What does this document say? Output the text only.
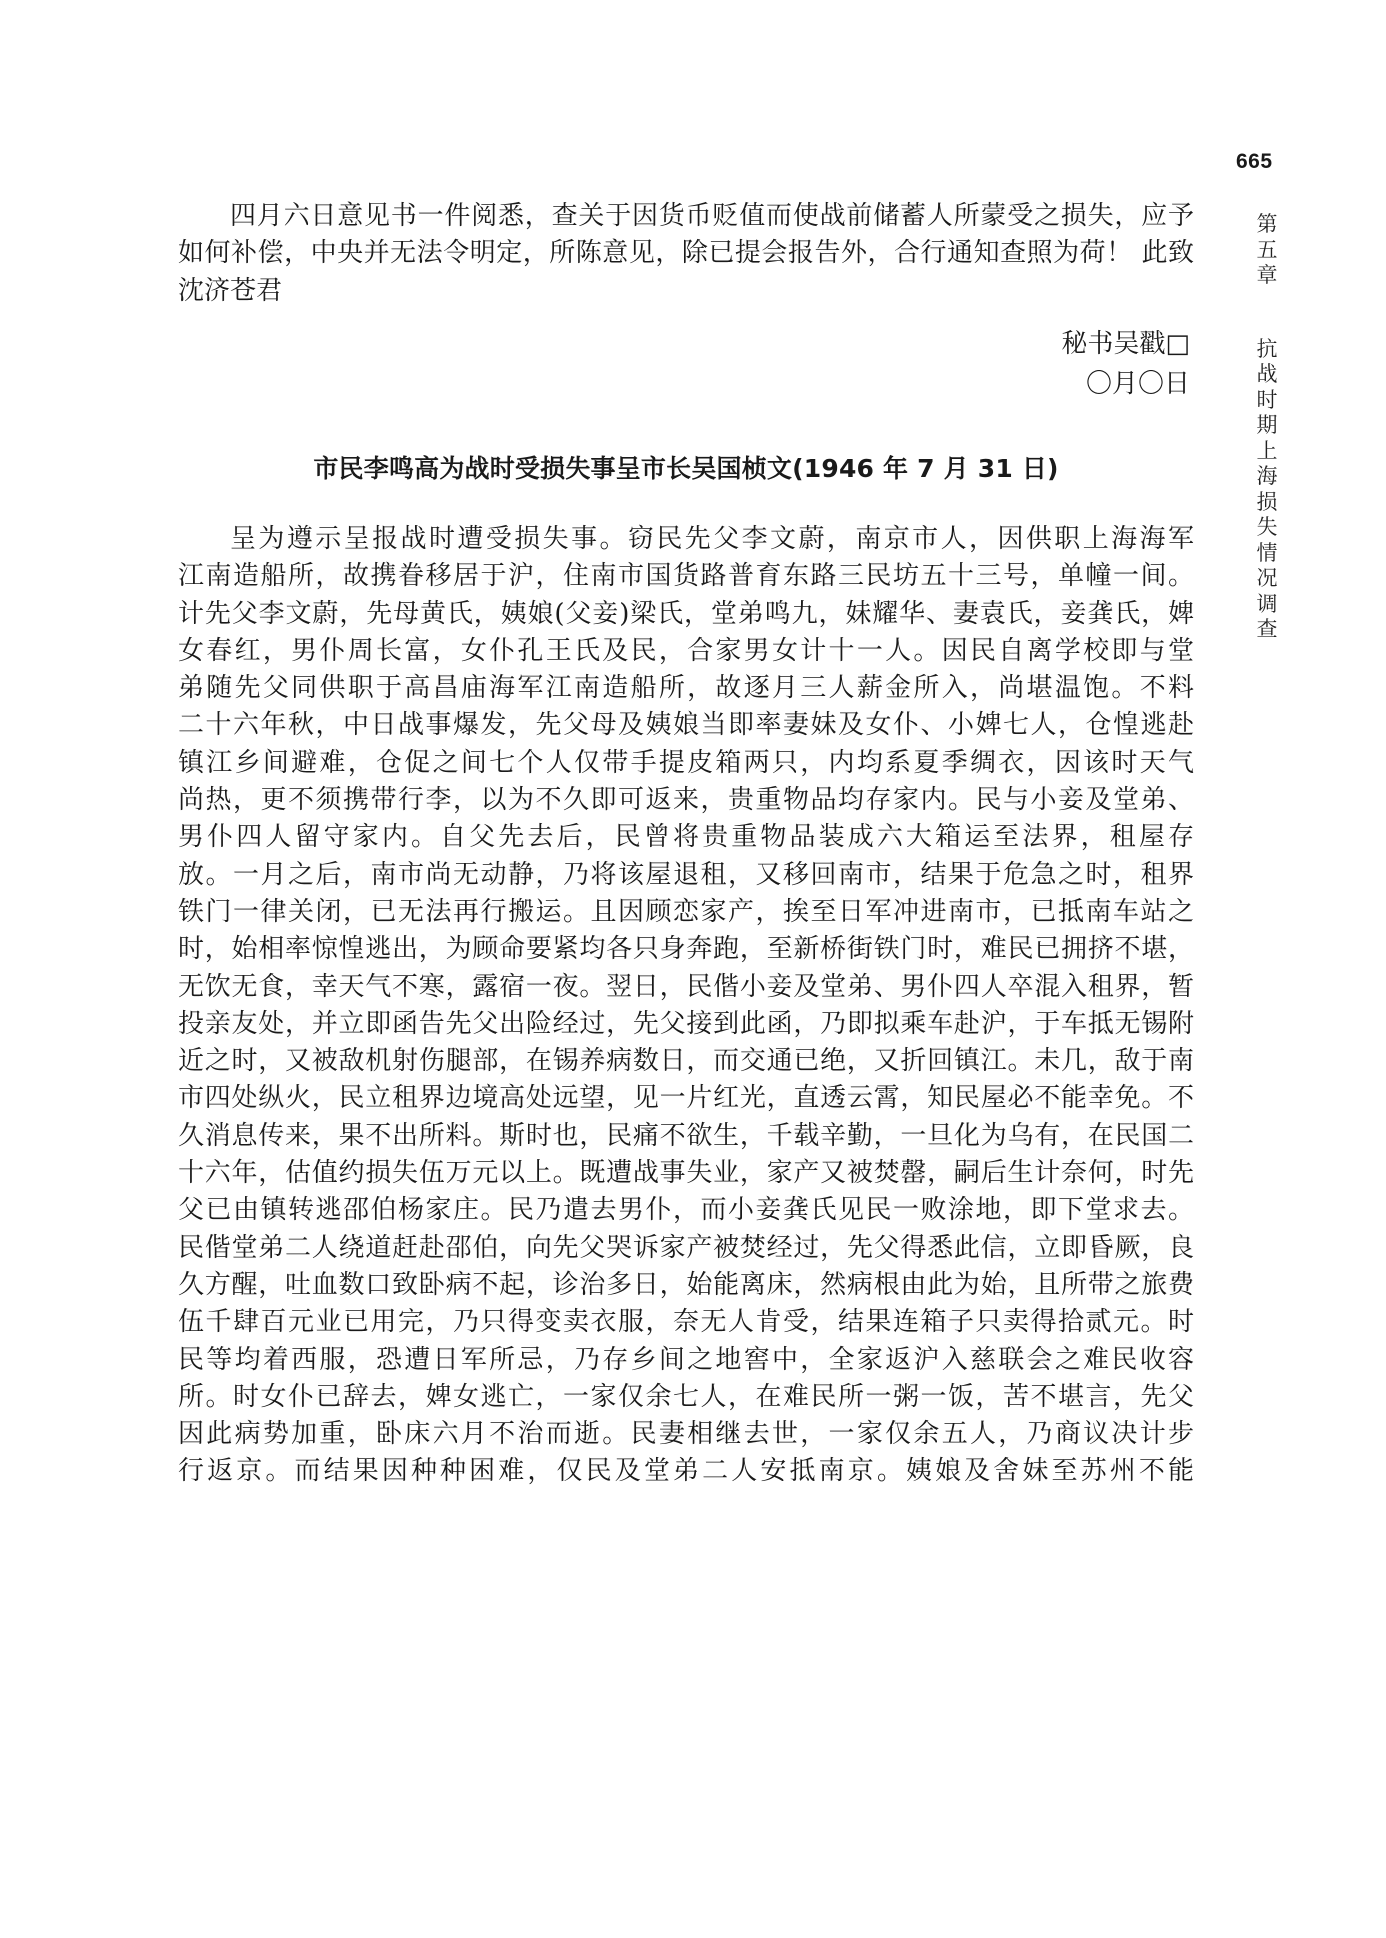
665
第
五
章
抗
战
时
期
上
海
损
失
情
况
调
查
四月六日意见书一件阅悉，查关于因货币贬值而使战前储蓄人所蒙受之损失，应予
如何补偿，中央并无法令明定，所陈意见，除已提会报告外，合行通知查照为荷！ 此致
沈济苍君

秘书吴戳□

〇月〇日

市民李鸣高为战时受损失事呈市长吴国桢文(1946 年 7 月 31 日)
呈为遵示呈报战时遭受损失事。窃民先父李文蔚，南京市人，因供职上海海军
江南造船所，故携眷移居于沪，住南市国货路普育东路三民坊五十三号，单幢一间。
计先父李文蔚，先母黄氏，姨娘(父妾)梁氏，堂弟鸣九，妹耀华、妻袁氏，妾龚氏，婢
女春红，男仆周长富，女仆孔王氏及民，合家男女计十一人。因民自离学校即与堂
弟随先父同供职于高昌庙海军江南造船所，故逐月三人薪金所入，尚堪温饱。不料
二十六年秋，中日战事爆发，先父母及姨娘当即率妻妹及女仆、小婢七人，仓惶逃赴
镇江乡间避难，仓促之间七个人仅带手提皮箱两只，内均系夏季绸衣，因该时天气
尚热，更不须携带行李，以为不久即可返来，贵重物品均存家内。民与小妾及堂弟、
男仆四人留守家内。自父先去后，民曾将贵重物品装成六大箱运至法界，租屋存
放。一月之后，南市尚无动静，乃将该屋退租，又移回南市，结果于危急之时，租界
铁门一律关闭，已无法再行搬运。且因顾恋家产，挨至日军冲进南市，已抵南车站之
时，始相率惊惶逃出，为顾命要紧均各只身奔跑，至新桥街铁门时，难民已拥挤不堪，
无饮无食，幸天气不寒，露宿一夜。翌日，民偕小妾及堂弟、男仆四人卒混入租界，暂
投亲友处，并立即函告先父出险经过，先父接到此函，乃即拟乘车赴沪，于车抵无锡附
近之时，又被敌机射伤腿部，在锡养病数日，而交通已绝，又折回镇江。未几，敌于南
市四处纵火，民立租界边境高处远望，见一片红光，直透云霄，知民屋必不能幸免。不
久消息传来，果不出所料。斯时也，民痛不欲生，千载辛勤，一旦化为乌有，在民国二
十六年，估值约损失伍万元以上。既遭战事失业，家产又被焚罄，嗣后生计奈何，时先
父已由镇转逃邵伯杨家庄。民乃遣去男仆，而小妾龚氏见民一败涂地，即下堂求去。
民偕堂弟二人绕道赶赴邵伯，向先父哭诉家产被焚经过，先父得悉此信，立即昏厥，良
久方醒，吐血数口致卧病不起，诊治多日，始能离床，然病根由此为始，且所带之旅费
伍千肆百元业已用完，乃只得变卖衣服，奈无人肯受，结果连箱子只卖得拾贰元。时
民等均着西服，恐遭日军所忌，乃存乡间之地窖中，全家返沪入慈联会之难民收容
所。时女仆已辞去，婢女逃亡，一家仅余七人，在难民所一粥一饭，苦不堪言，先父
因此病势加重，卧床六月不治而逝。民妻相继去世，一家仅余五人，乃商议决计步
行返京。而结果因种种困难，仅民及堂弟二人安抵南京。姨娘及舍妹至苏州不能
